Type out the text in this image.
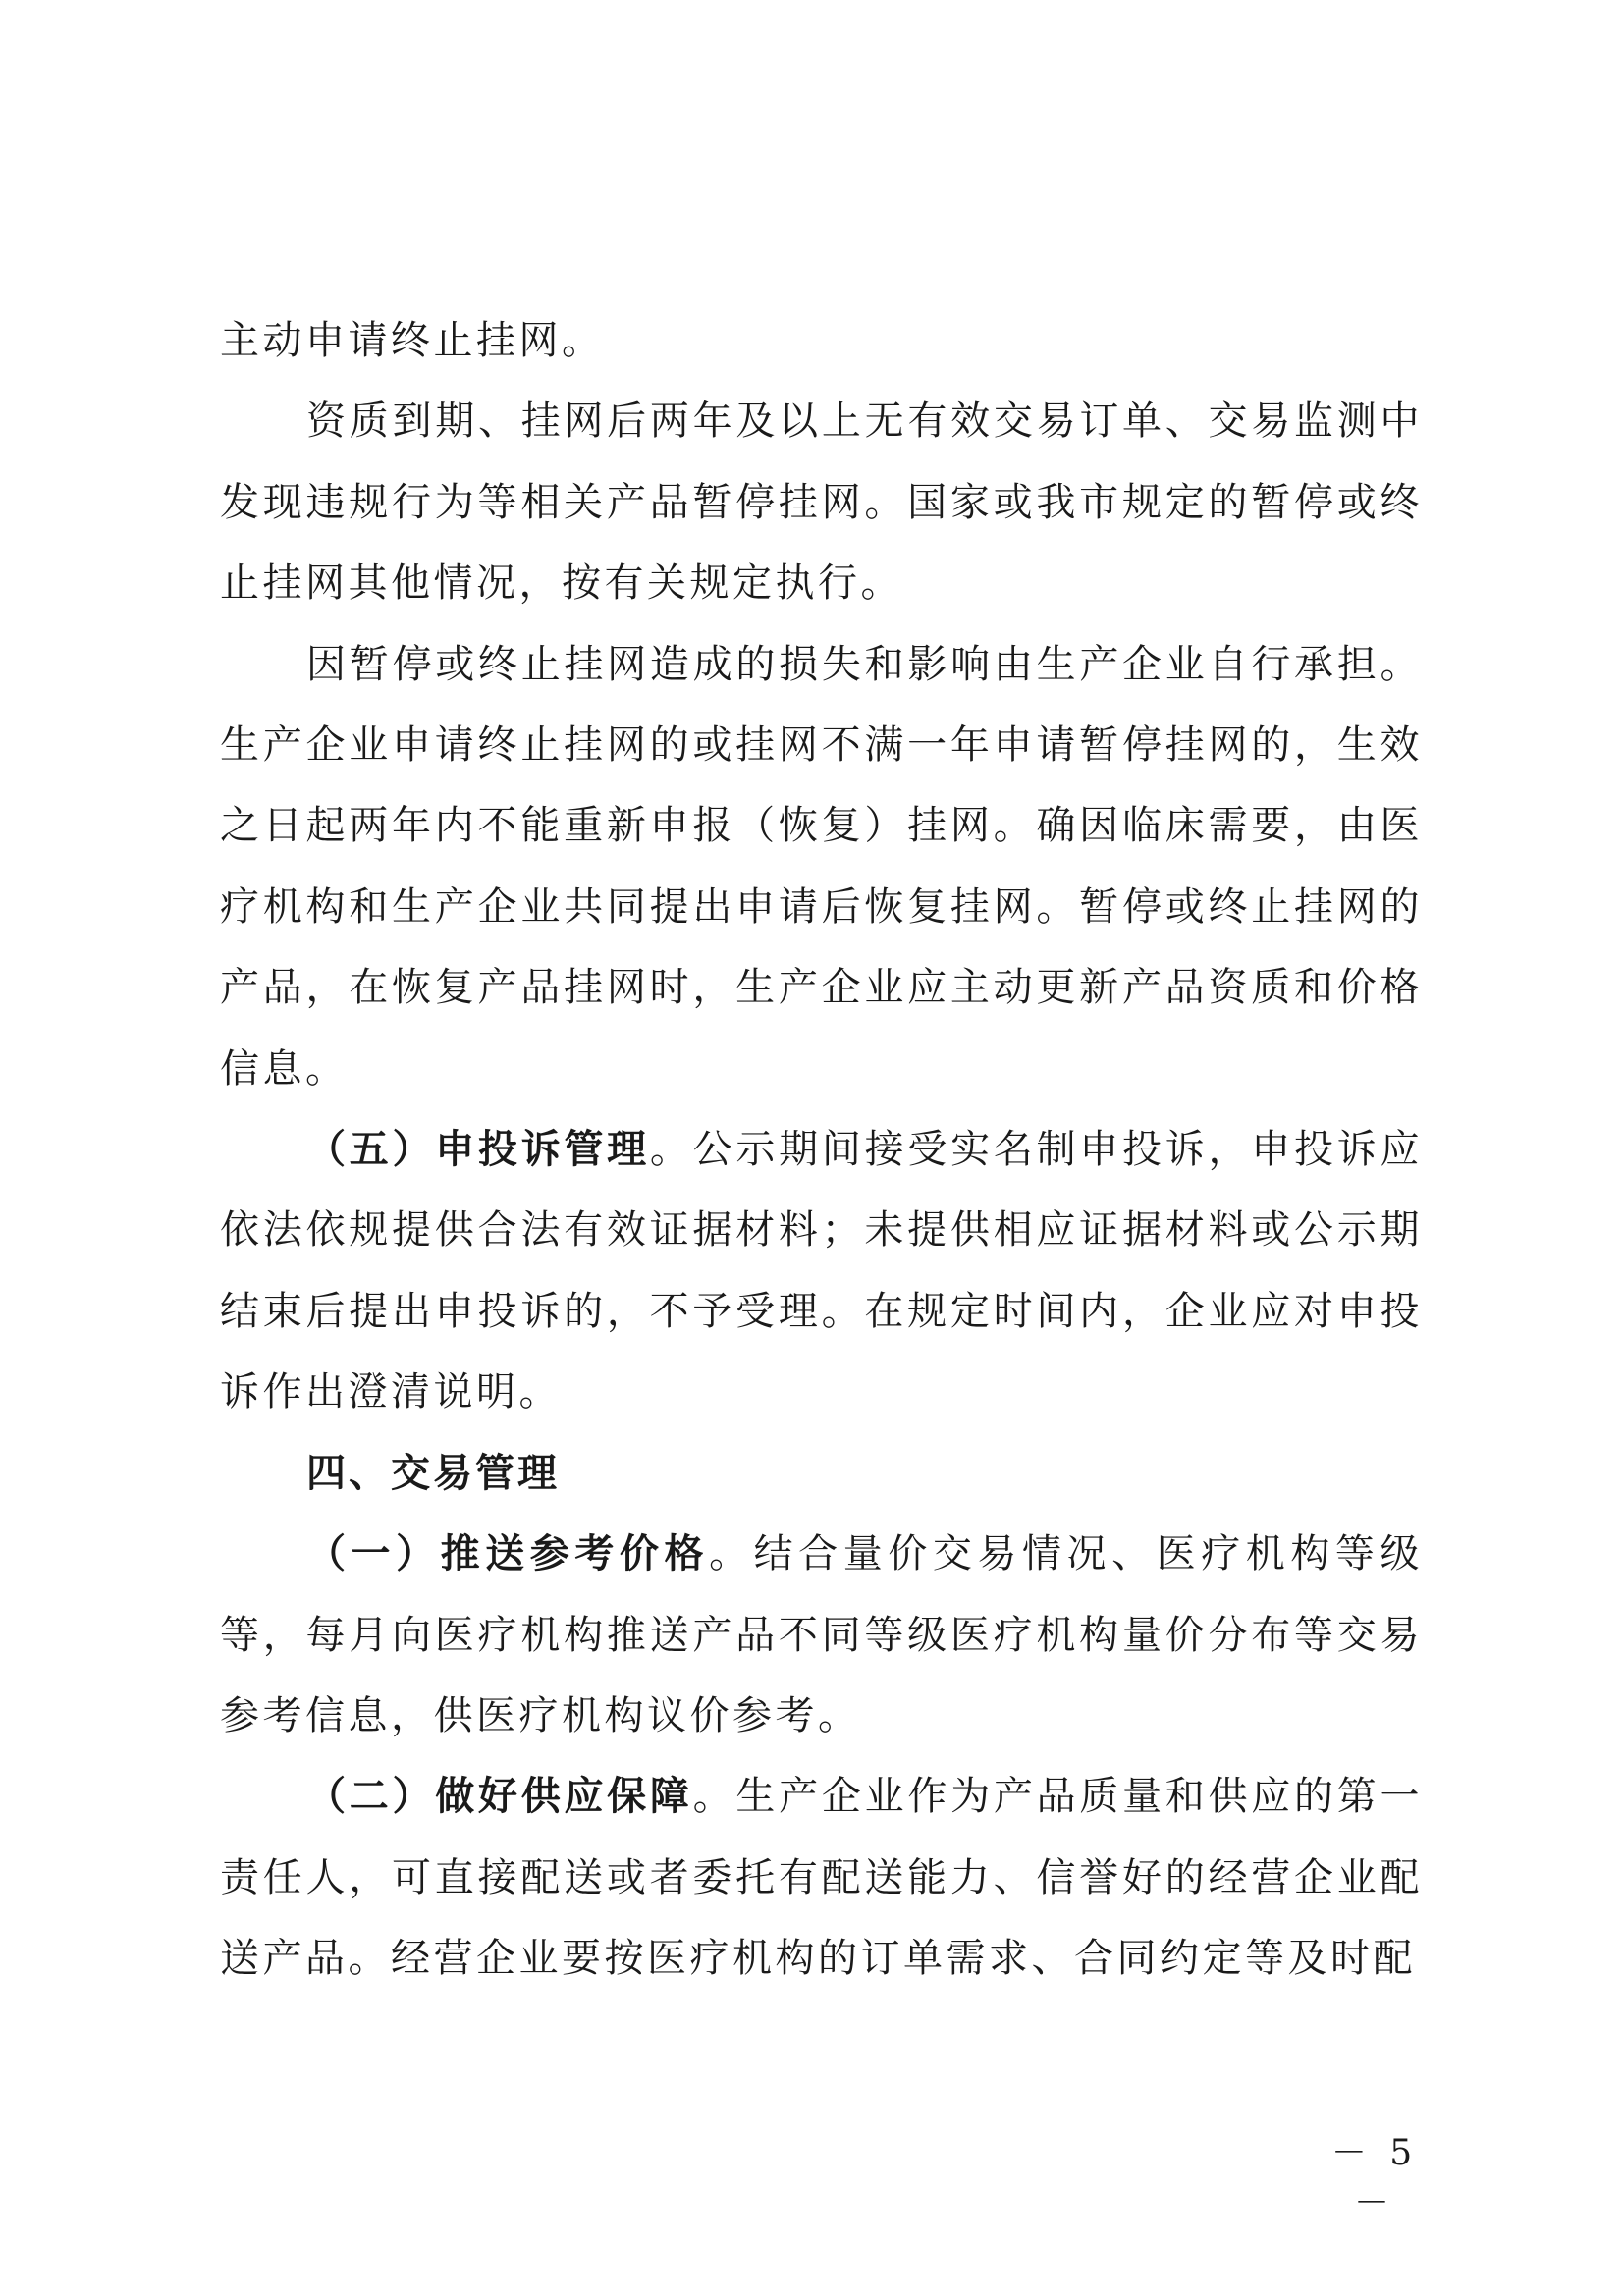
主动申请终止挂网。

资质到期、挂网后两年及以上无有效交易订单、交易监测中发现违规行为等相关产品暂停挂网。国家或我市规定的暂停或终止挂网其他情况，按有关规定执行。

因暂停或终止挂网造成的损失和影响由生产企业自行承担。生产企业申请终止挂网的或挂网不满一年申请暂停挂网的，生效之日起两年内不能重新申报（恢复）挂网。确因临床需要，由医疗机构和生产企业共同提出申请后恢复挂网。暂停或终止挂网的产品，在恢复产品挂网时，生产企业应主动更新产品资质和价格信息。

（五）申投诉管理。公示期间接受实名制申投诉，申投诉应依法依规提供合法有效证据材料；未提供相应证据材料或公示期结束后提出申投诉的，不予受理。在规定时间内，企业应对申投诉作出澄清说明。

四、交易管理

（一）推送参考价格。结合量价交易情况、医疗机构等级等，每月向医疗机构推送产品不同等级医疗机构量价分布等交易参考信息，供医疗机构议价参考。

（二）做好供应保障。生产企业作为产品质量和供应的第一责任人，可直接配送或者委托有配送能力、信誉好的经营企业配送产品。经营企业要按医疗机构的订单需求、合同约定等及时配

－ 5 －
